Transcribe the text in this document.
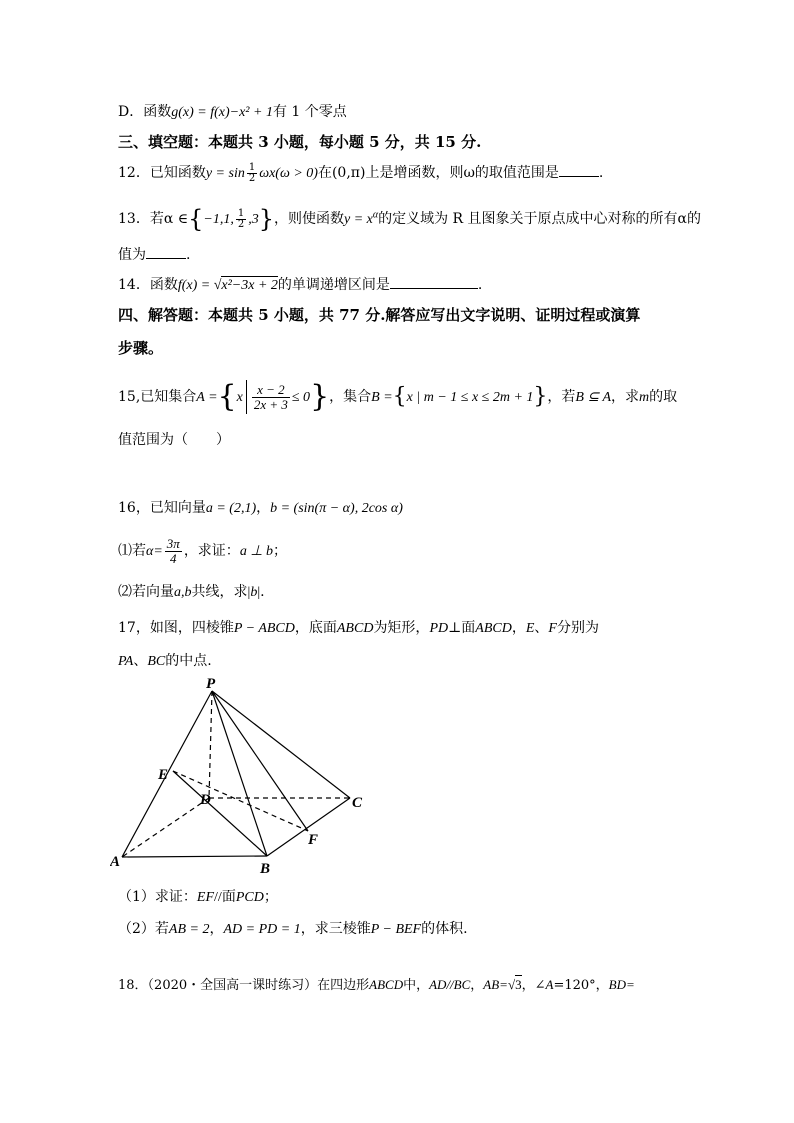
D．函数g(x) = f(x)−x² + 1有 1 个零点
三、填空题：本题共 3 小题，每小题 5 分，共 15 分.
12．已知函数$y = \sin \frac{1}{2} \omega x(\omega > 0)$在(0,π)上是增函数，则ω的取值范围是	.
13．若α ∈{−1,1, $\frac{1}{2} ,3$}，则使函数$y = x^\alpha$的定义域为 R 且图象关于原点成中心对称的所有α的
值为	.
14．函数f(x) = √x²−3x + 2的单调递增区间是	.
四、解答题：本题共 5 小题，共 77 分.解答应写出文字说明、证明过程或演算
步骤。
15,已知集合$A =\{x \frac{x - 2}{2x + 3} \le 0\}$，集合B ={x | m − 1 ≤ x ≤ 2m + 1}，若B ⊆ A，求m的取
值范围为（　　）
16，已知向量a = (2,1)，b = (sin(π − α), 2cos α)
⑴若$\alpha= \frac{3\pi}{4}$ ，求证：a ⊥ b；
⑵若向量a,b共线，求|b|.
17，如图，四棱锥P − ABCD，底面ABCD为矩形，PD⊥面ABCD，E、F分别为
PA、BC的中点.
P
E
D	C
F
A	B
（1）求证：EF//面PCD；
（2）若AB = 2，AD = PD = 1，求三棱锥P − BEF的体积.
18．（2020・全国高一课时练习）在四边形ABCD中，AD//BC，AB=√3，∠A=120°，BD=
